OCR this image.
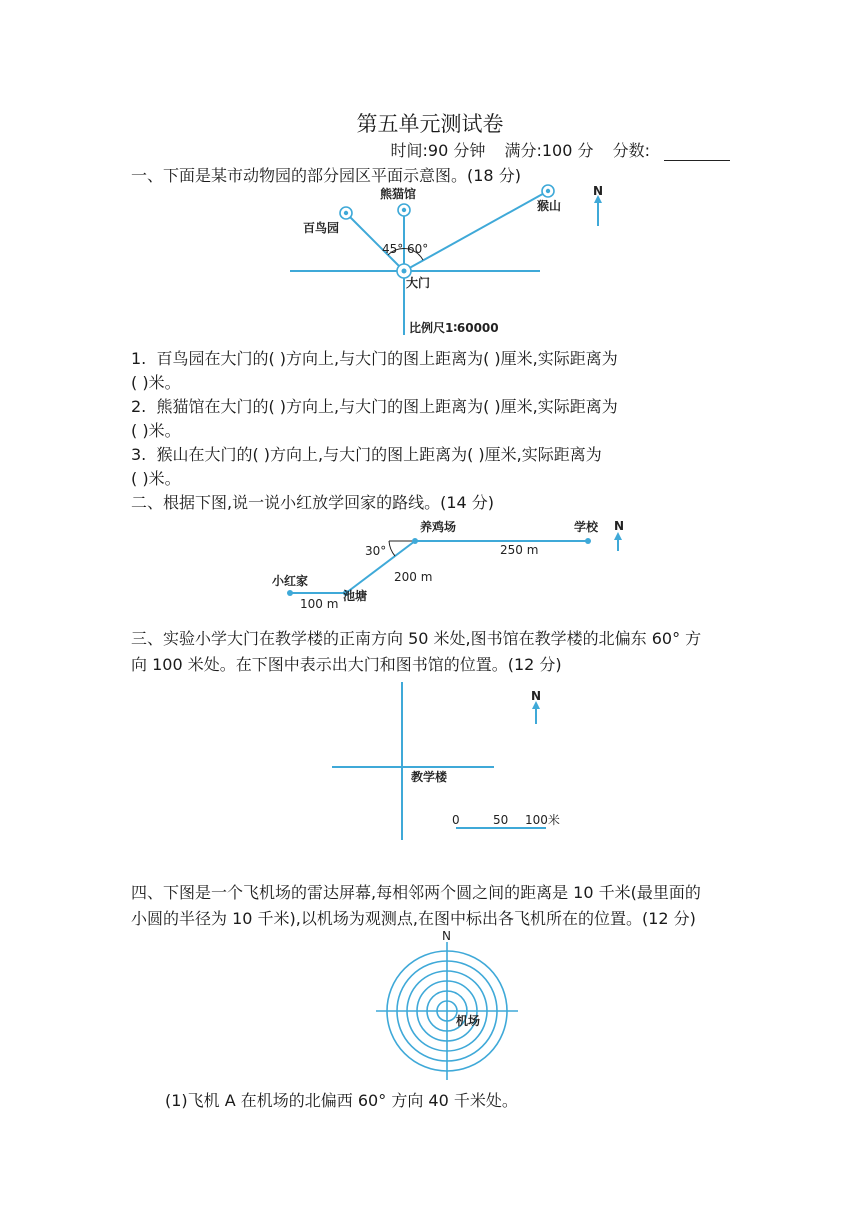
第五单元测试卷
时间:90 分钟 满分:100 分 分数:
一、下面是某市动物园的部分园区平面示意图。(18 分)
百鸟园
熊猫馆
猴山
大门
45° 60°
N
比例尺1∶60000
1. 百鸟园在大门的( )方向上,与大门的图上距离为( )厘米,实际距离为
( )米。
2. 熊猫馆在大门的( )方向上,与大门的图上距离为( )厘米,实际距离为
( )米。
3. 猴山在大门的( )方向上,与大门的图上距离为( )厘米,实际距离为
( )米。
二、根据下图,说一说小红放学回家的路线。(14 分)
养鸡场	学校 N
小红家
池塘
30°	250 m
200 m
100 m
三、实验小学大门在教学楼的正南方向 50 米处,图书馆在教学楼的北偏东 60° 方
向 100 米处。在下图中表示出大门和图书馆的位置。(12 分)
N
教学楼
0	50 100米
四、下图是一个飞机场的雷达屏幕,每相邻两个圆之间的距离是 10 千米(最里面的
小圆的半径为 10 千米),以机场为观测点,在图中标出各飞机所在的位置。(12 分)
N
机场
(1)飞机 A 在机场的北偏西 60° 方向 40 千米处。
